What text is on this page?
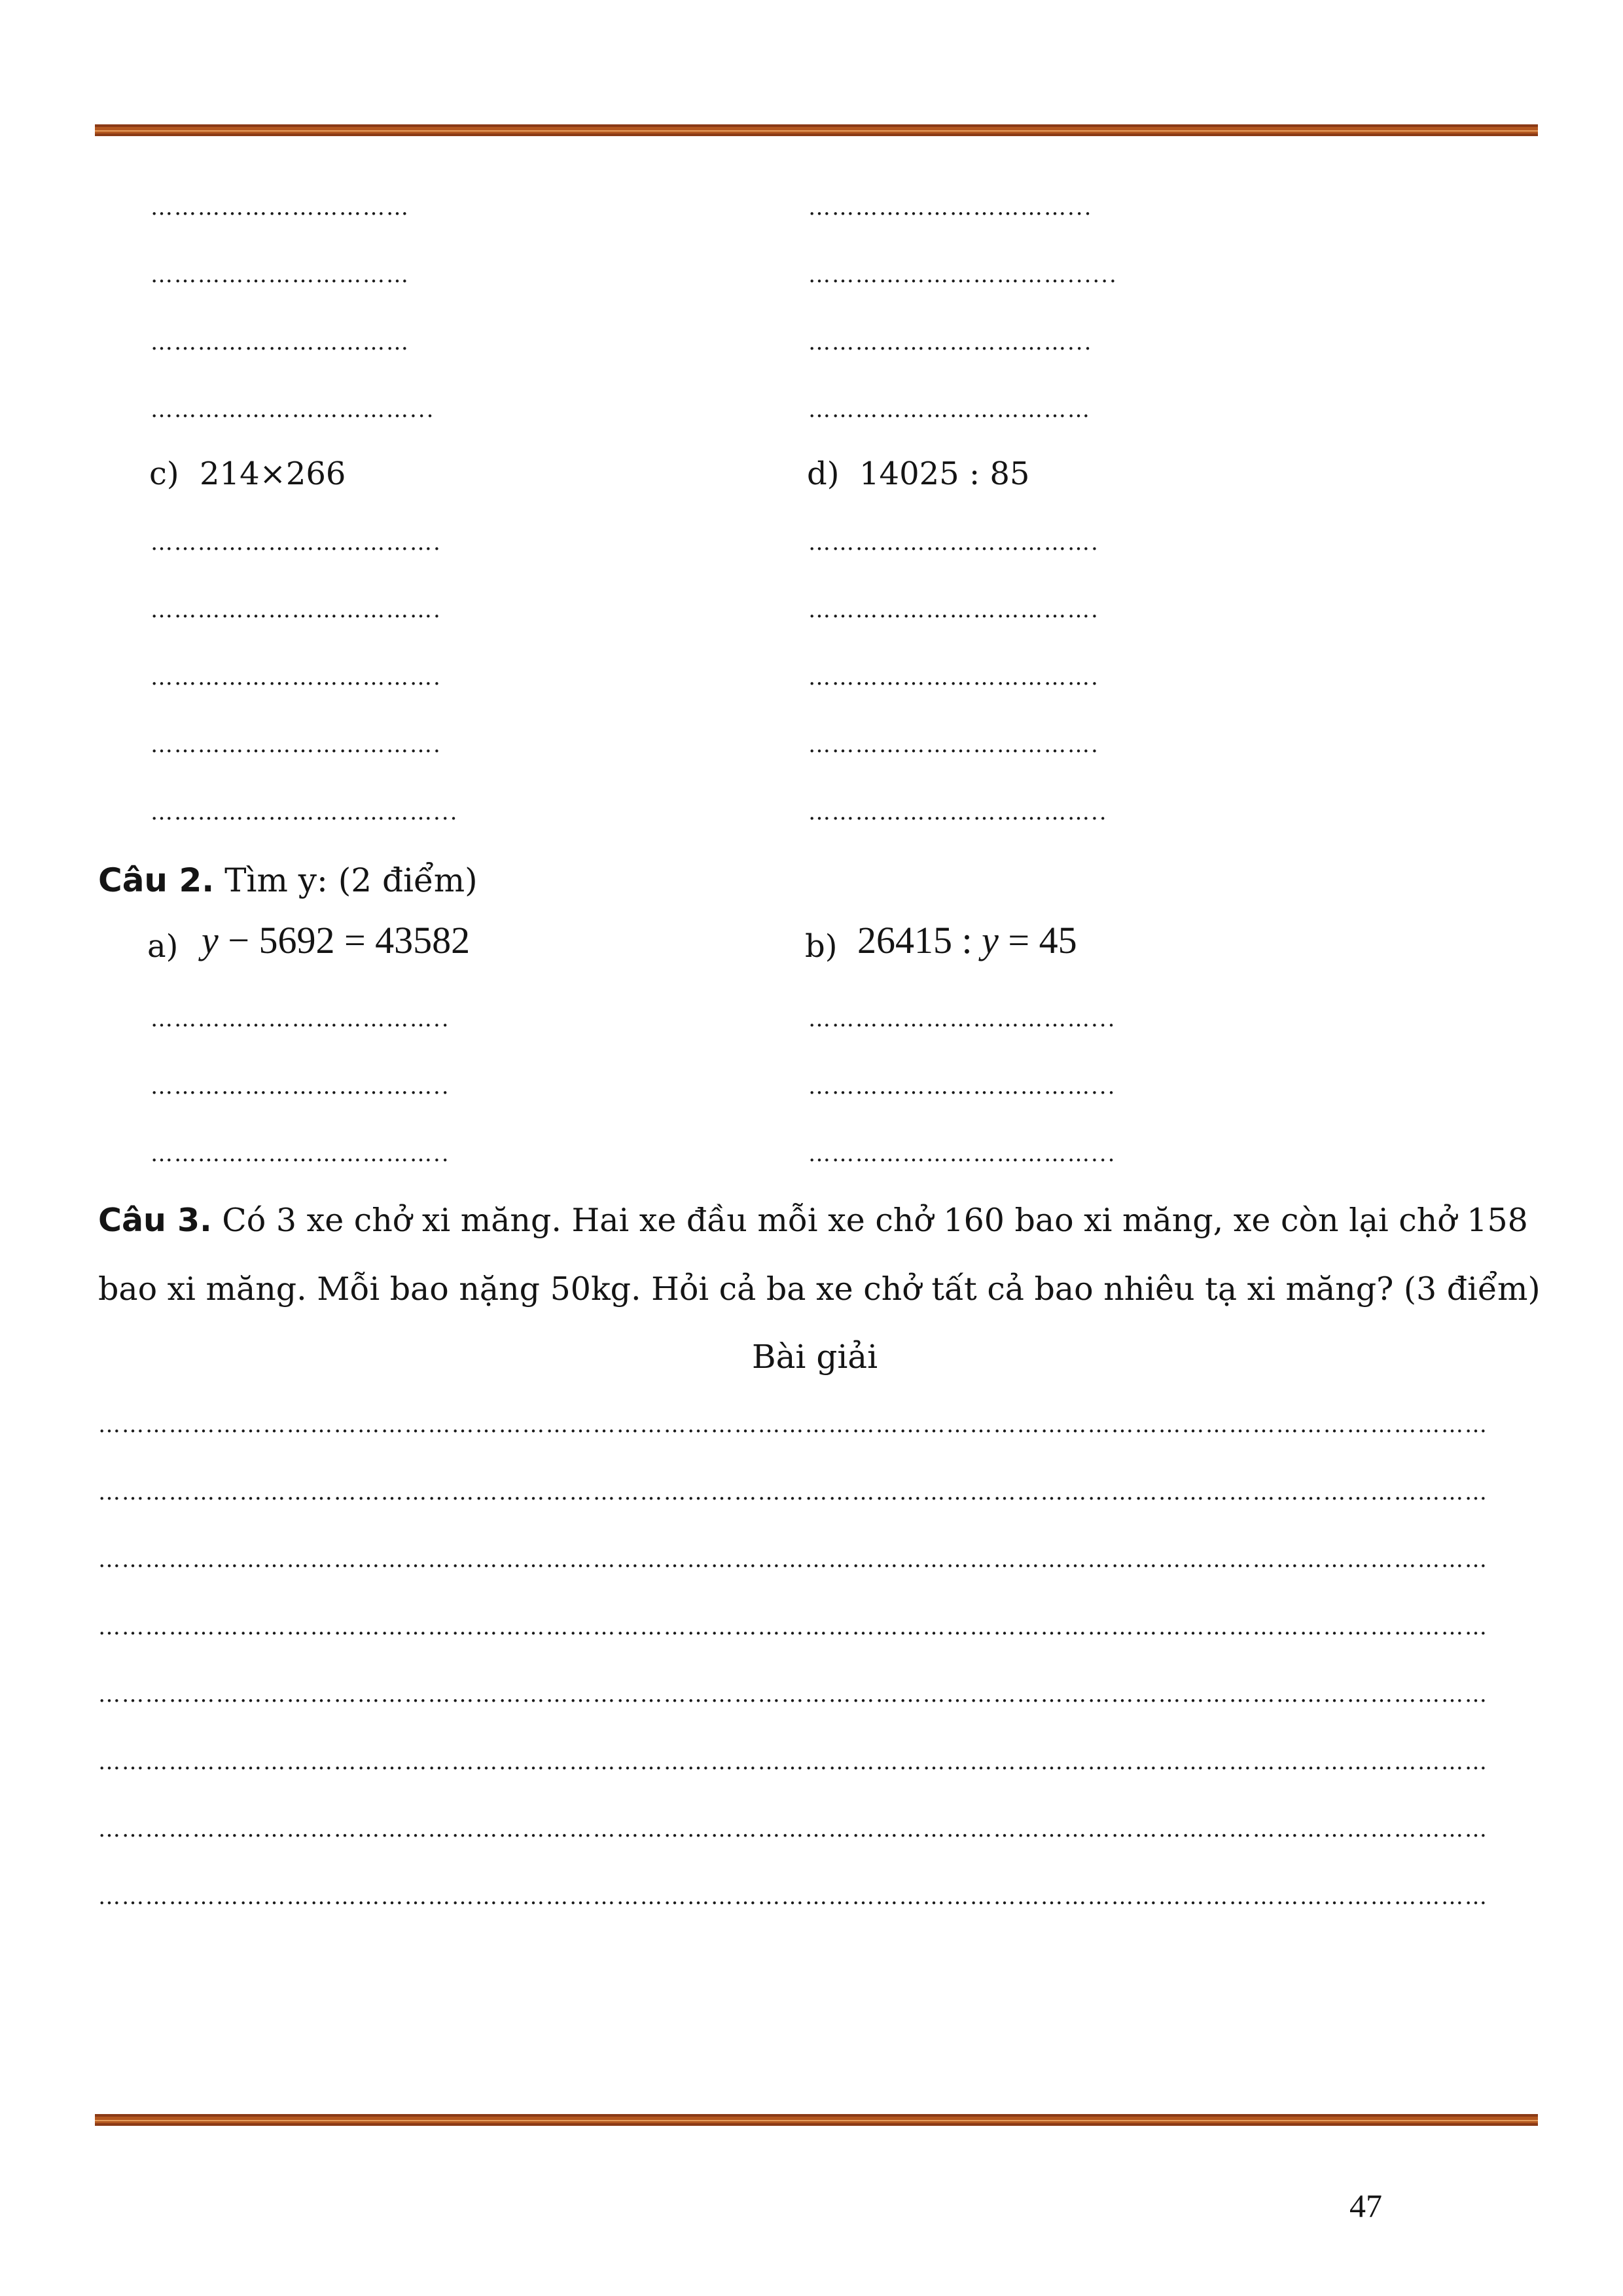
……………………………
……………………………
……………………………
……………………………...
……………………………...
……………………………......
……………………………...
………………………………
c) 214×266	d) 14025 : 85
……………………………….
……………………………….
……………………………….
……………………………….
………………………………...
……………………………….
……………………………….
……………………………….
……………………………….
………………………………..
Câu 2. Tìm y: (2 điểm)
a) y − 5692 = 43582	b) 26415 : y = 45
………………………………..
………………………………..
………………………………..
………………………………...
………………………………...
………………………………...
Câu 3. Có 3 xe chở xi măng. Hai xe đầu mỗi xe chở 160 bao xi măng, xe còn lại chở 158
bao xi măng. Mỗi bao nặng 50kg. Hỏi cả ba xe chở tất cả bao nhiêu tạ xi măng? (3 điểm)
Bài giải
……………………………………………………………………………………………………………………………………………………………
……………………………………………………………………………………………………………………………………………………………
……………………………………………………………………………………………………………………………………………………………
……………………………………………………………………………………………………………………………………………………………
……………………………………………………………………………………………………………………………………………………………
……………………………………………………………………………………………………………………………………………………………
……………………………………………………………………………………………………………………………………………………………
……………………………………………………………………………………………………………………………………………………………
47
